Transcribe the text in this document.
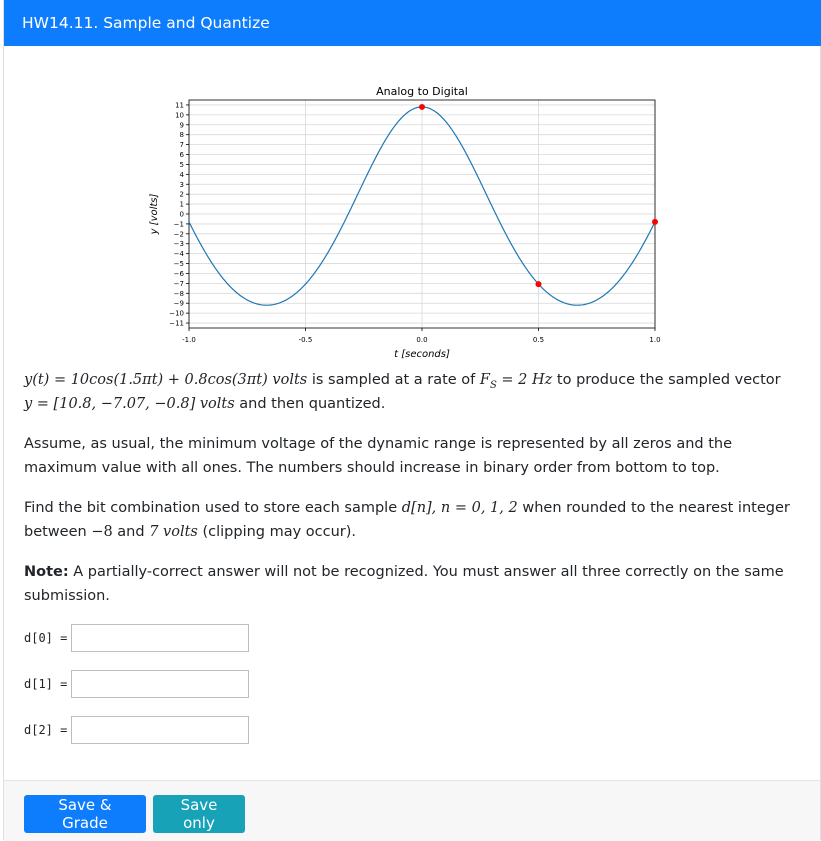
HW14.11. Sample and Quantize
Analog to Digital
-1.0	-0.5	0.0	0.5	1.0
11
10
9
8
7
6
5
4
3
2
1
0
−1
−2
−3
−4
−5
−6
−7
−8
−9
−10
−11
t [seconds]
y [volts]
y(t) = 10cos(1.5πt) + 0.8cos(3πt) volts is sampled at a rate of $F_S = 2$ Hz to produce the sampled vector
y = [10.8, −7.07, −0.8] volts and then quantized.
Assume, as usual, the minimum voltage of the dynamic range is represented by all zeros and the maximum value with all ones. The numbers should increase in binary order from bottom to top.
Find the bit combination used to store each sample d[n], n = 0, 1, 2 when rounded to the nearest integer
between −8 and 7 volts (clipping may occur).
Note: A partially-correct answer will not be recognized. You must answer all three correctly on the same submission.
d[0] =
d[1] =
d[2] =
Save & Grade
Save only
